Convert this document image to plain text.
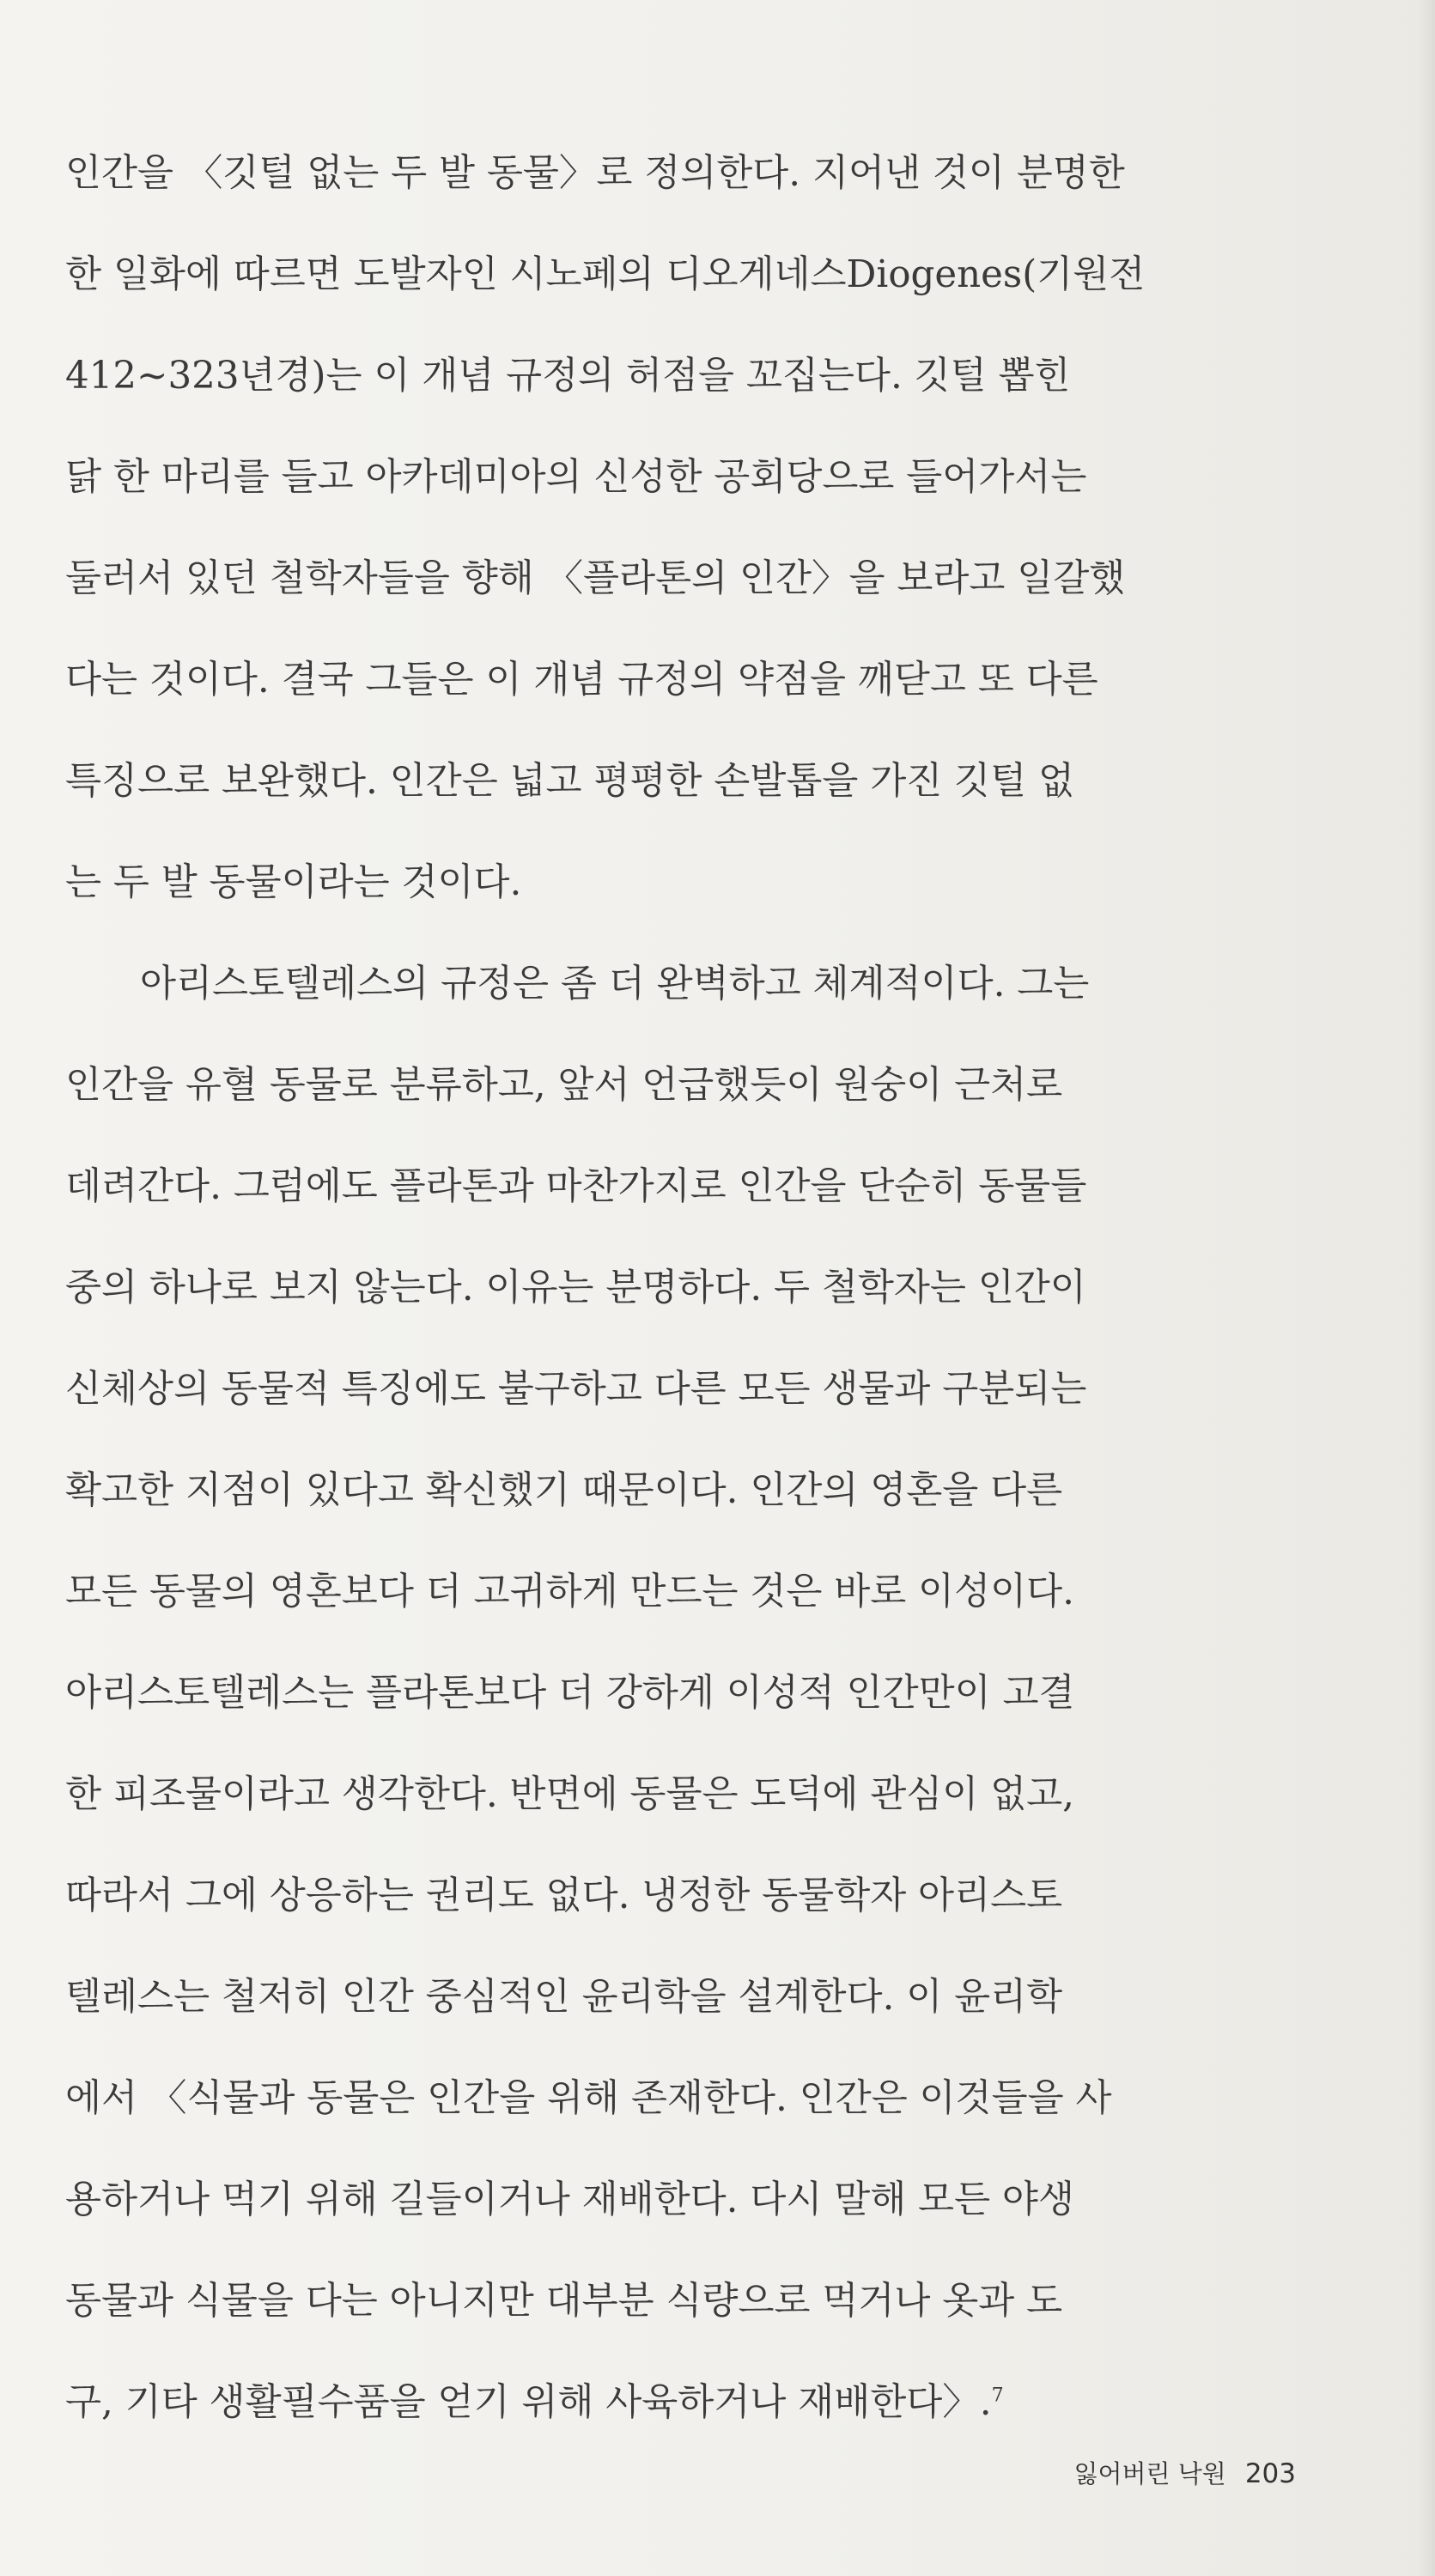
인간을 〈깃털 없는 두 발 동물〉로 정의한다. 지어낸 것이 분명한
한 일화에 따르면 도발자인 시노페의 디오게네스Diogenes(기원전
412~323년경)는 이 개념 규정의 허점을 꼬집는다. 깃털 뽑힌
닭 한 마리를 들고 아카데미아의 신성한 공회당으로 들어가서는
둘러서 있던 철학자들을 향해 〈플라톤의 인간〉을 보라고 일갈했
다는 것이다. 결국 그들은 이 개념 규정의 약점을 깨닫고 또 다른
특징으로 보완했다. 인간은 넓고 평평한 손발톱을 가진 깃털 없
는 두 발 동물이라는 것이다.
아리스토텔레스의 규정은 좀 더 완벽하고 체계적이다. 그는
인간을 유혈 동물로 분류하고, 앞서 언급했듯이 원숭이 근처로
데려간다. 그럼에도 플라톤과 마찬가지로 인간을 단순히 동물들
중의 하나로 보지 않는다. 이유는 분명하다. 두 철학자는 인간이
신체상의 동물적 특징에도 불구하고 다른 모든 생물과 구분되는
확고한 지점이 있다고 확신했기 때문이다. 인간의 영혼을 다른
모든 동물의 영혼보다 더 고귀하게 만드는 것은 바로 이성이다.
아리스토텔레스는 플라톤보다 더 강하게 이성적 인간만이 고결
한 피조물이라고 생각한다. 반면에 동물은 도덕에 관심이 없고,
따라서 그에 상응하는 권리도 없다. 냉정한 동물학자 아리스토
텔레스는 철저히 인간 중심적인 윤리학을 설계한다. 이 윤리학
에서 〈식물과 동물은 인간을 위해 존재한다. 인간은 이것들을 사
용하거나 먹기 위해 길들이거나 재배한다. 다시 말해 모든 야생
동물과 식물을 다는 아니지만 대부분 식량으로 먹거나 옷과 도
구, 기타 생활필수품을 얻기 위해 사육하거나 재배한다〉.$^7$
잃어버린 낙원 203
